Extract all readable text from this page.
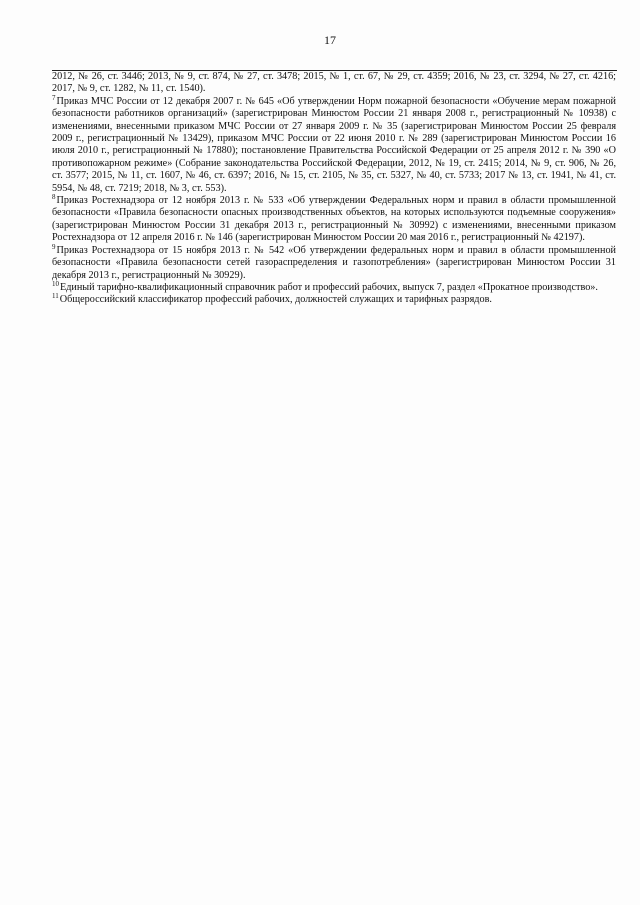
17

2012, № 26, ст. 3446; 2013, № 9, ст. 874, № 27, ст. 3478; 2015, № 1, ст. 67, № 29, ст. 4359; 2016, № 23, ст. 3294, № 27, ст. 4216; 2017, № 9, ст. 1282, № 11, ст. 1540).

$^7$Приказ МЧС России от 12 декабря 2007 г. № 645 «Об утверждении Норм пожарной безопасности «Обучение мерам пожарной безопасности работников организаций» (зарегистрирован Минюстом России 21 января 2008 г., регистрационный № 10938) с изменениями, внесенными приказом МЧС России от 27 января 2009 г. № 35 (зарегистрирован Минюстом России 25 февраля 2009 г., регистрационный № 13429), приказом МЧС России от 22 июня 2010 г. № 289 (зарегистрирован Минюстом России 16 июля 2010 г., регистрационный № 17880); постановление Правительства Российской Федерации от 25 апреля 2012 г. № 390 «О противопожарном режиме» (Собрание законодательства Российской Федерации, 2012, № 19, ст. 2415; 2014, № 9, ст. 906, № 26, ст. 3577; 2015, № 11, ст. 1607, № 46, ст. 6397; 2016, № 15, ст. 2105, № 35, ст. 5327, № 40, ст. 5733; 2017 № 13, ст. 1941, № 41, ст. 5954, № 48, ст. 7219; 2018, № 3, ст. 553).

$^8$Приказ Ростехнадзора от 12 ноября 2013 г. № 533 «Об утверждении Федеральных норм и правил в области промышленной безопасности «Правила безопасности опасных производственных объектов, на которых используются подъемные сооружения» (зарегистрирован Минюстом России 31 декабря 2013 г., регистрационный № 30992) с изменениями, внесенными приказом Ростехнадзора от 12 апреля 2016 г. № 146 (зарегистрирован Минюстом России 20 мая 2016 г., регистрационный № 42197).

$^9$Приказ Ростехнадзора от 15 ноября 2013 г. № 542 «Об утверждении федеральных норм и правил в области промышленной безопасности «Правила безопасности сетей газораспределения и газопотребления» (зарегистрирован Минюстом России 31 декабря 2013 г., регистрационный № 30929).

$^{10}$Единый тарифно-квалификационный справочник работ и профессий рабочих, выпуск 7, раздел «Прокатное производство».

$^{11}$Общероссийский классификатор профессий рабочих, должностей служащих и тарифных разрядов.
